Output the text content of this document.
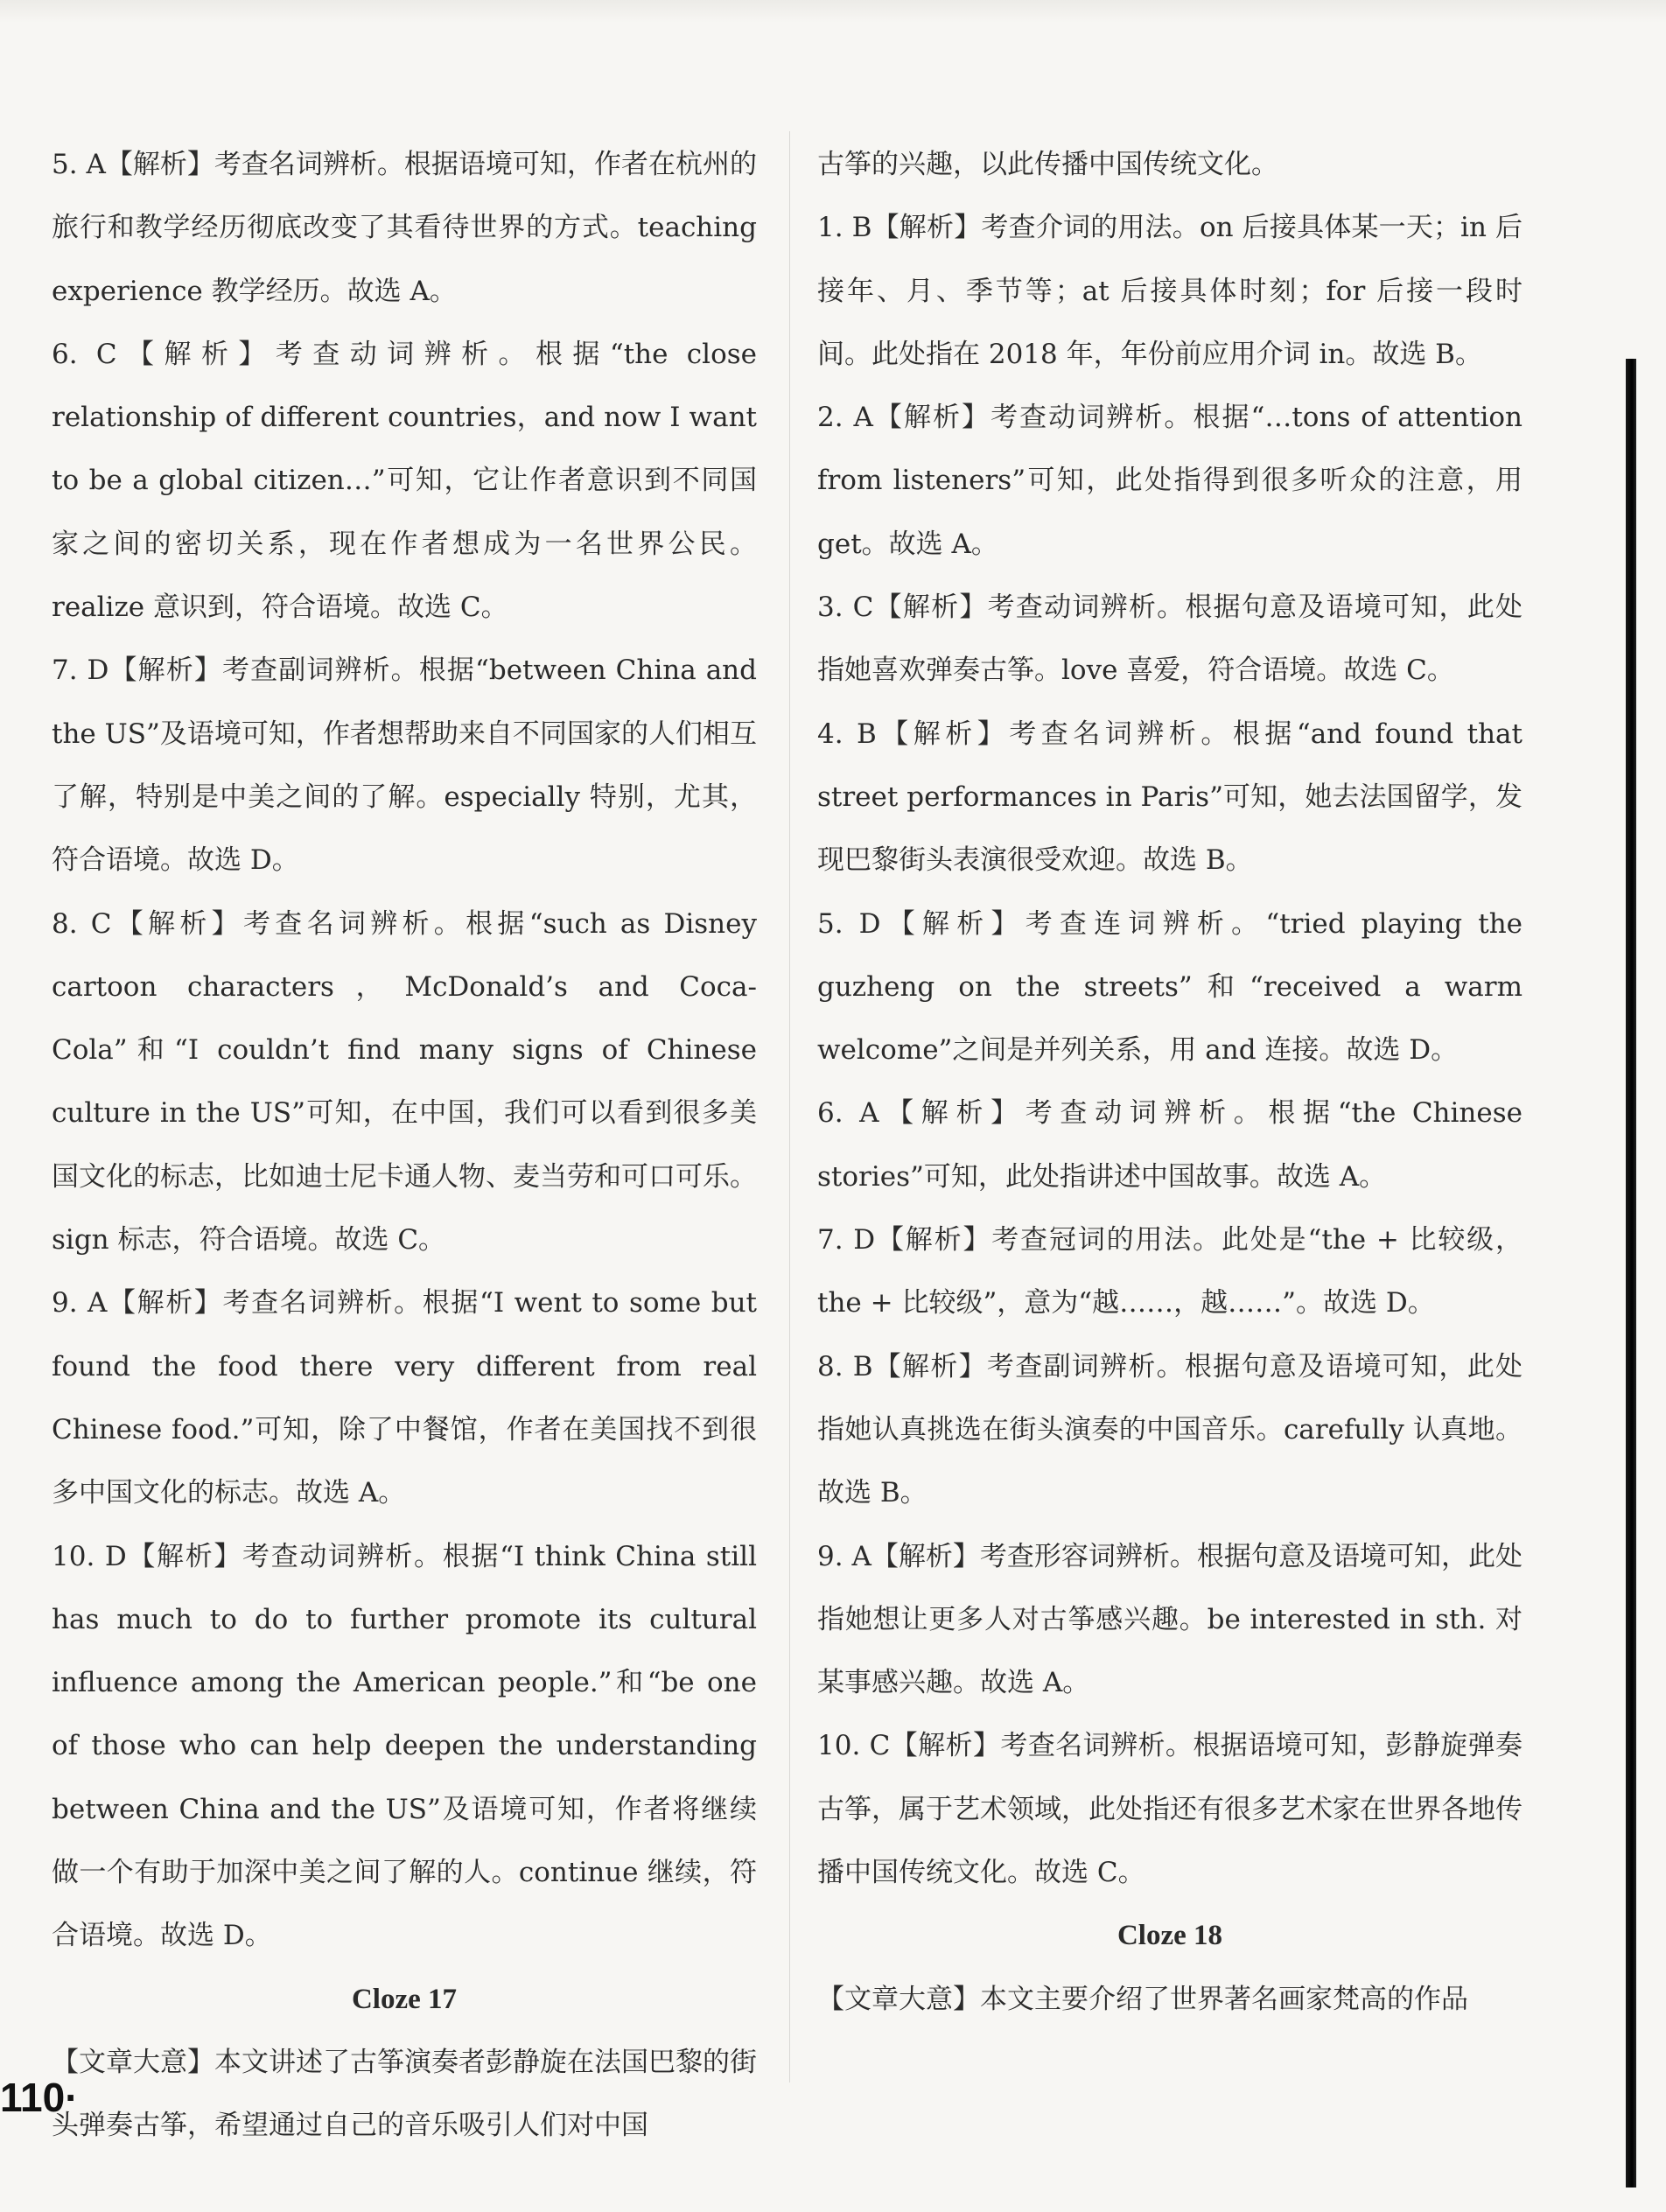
5. A【解析】考查名词辨析。根据语境可知，作者在杭州的旅行和教学经历彻底改变了其看待世界的方式。teaching experience 教学经历。故选 A。

6. C【解析】考查动词辨析。根据“the close relationship of different countries，and now I want to be a global citizen…”可知，它让作者意识到不同国家之间的密切关系，现在作者想成为一名世界公民。realize 意识到，符合语境。故选 C。

7. D【解析】考查副词辨析。根据“between China and the US”及语境可知，作者想帮助来自不同国家的人们相互了解，特别是中美之间的了解。especially 特别，尤其，符合语境。故选 D。

8. C【解析】考查名词辨析。根据“such as Disney cartoon characters，McDonald’s and Coca-Cola”和“I couldn’t find many signs of Chinese culture in the US”可知，在中国，我们可以看到很多美国文化的标志，比如迪士尼卡通人物、麦当劳和可口可乐。sign 标志，符合语境。故选 C。

9. A【解析】考查名词辨析。根据“I went to some but found the food there very different from real Chinese food.”可知，除了中餐馆，作者在美国找不到很多中国文化的标志。故选 A。

10. D【解析】考查动词辨析。根据“I think China still has much to do to further promote its cultural influence among the American people.”和“be one of those who can help deepen the understanding between China and the US”及语境可知，作者将继续做一个有助于加深中美之间了解的人。continue 继续，符合语境。故选 D。

Cloze 17

【文章大意】本文讲述了古筝演奏者彭静旋在法国巴黎的街头弹奏古筝，希望通过自己的音乐吸引人们对中国

古筝的兴趣，以此传播中国传统文化。

1. B【解析】考查介词的用法。on 后接具体某一天；in 后接年、月、季节等；at 后接具体时刻；for 后接一段时间。此处指在 2018 年，年份前应用介词 in。故选 B。

2. A【解析】考查动词辨析。根据“…tons of attention from listeners”可知，此处指得到很多听众的注意，用 get。故选 A。

3. C【解析】考查动词辨析。根据句意及语境可知，此处指她喜欢弹奏古筝。love 喜爱，符合语境。故选 C。

4. B【解析】考查名词辨析。根据“and found that street performances in Paris”可知，她去法国留学，发现巴黎街头表演很受欢迎。故选 B。

5. D【解析】考查连词辨析。“tried playing the guzheng on the streets”和“received a warm welcome”之间是并列关系，用 and 连接。故选 D。

6. A【解析】考查动词辨析。根据“the Chinese stories”可知，此处指讲述中国故事。故选 A。

7. D【解析】考查冠词的用法。此处是“the + 比较级，the + 比较级”，意为“越……，越……”。故选 D。

8. B【解析】考查副词辨析。根据句意及语境可知，此处指她认真挑选在街头演奏的中国音乐。carefully 认真地。故选 B。

9. A【解析】考查形容词辨析。根据句意及语境可知，此处指她想让更多人对古筝感兴趣。be interested in sth. 对某事感兴趣。故选 A。

10. C【解析】考查名词辨析。根据语境可知，彭静旋弹奏古筝，属于艺术领域，此处指还有很多艺术家在世界各地传播中国传统文化。故选 C。

Cloze 18

【文章大意】本文主要介绍了世界著名画家梵高的作品

110·
